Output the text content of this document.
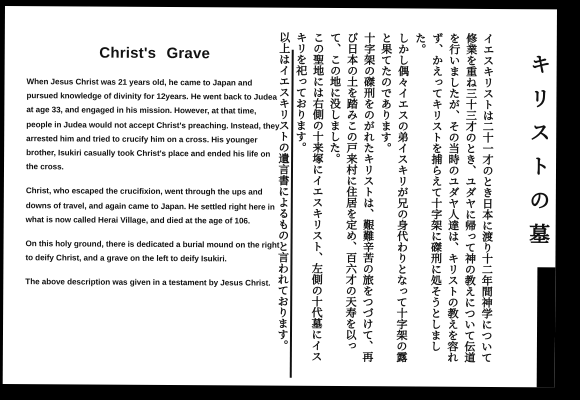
Christ's Grave

When Jesus Christ was 21 years old, he came to Japan and pursued knowledge of divinity for 12years. He went back to Judea at age 33, and engaged in his mission. However, at that time, people in Judea would not accept Christ's preaching. Instead, they arrested him and tried to crucify him on a cross. His younger brother, Isukiri casually took Christ's place and ended his life on the cross.

Christ, who escaped the crucifixion, went through the ups and downs of travel, and again came to Japan. He settled right here in what is now called Herai Village, and died at the age of 106.

On this holy ground, there is dedicated a burial mound on the right to deify Christ, and a grave on the left to deify Isukiri.

The above description was given in a testament by Jesus Christ.	イエスキリストは二十一才のとき日本に渡り十二年間神学について修業を重ね三十三才のとき、ユダヤに帰って神の教えについて伝道を行いましたが、その当時のユダヤ人達は、キリストの教えを容れず、かえってキリストを捕らえて十字架に磔刑に処そうとしました。

しかし偶々イエスの弟イスキリが兄の身代わりとなって十字架の露と果てたのであります。

十字架の磔刑をのがれたキリストは、艱難辛苦の旅をつづけて、再び日本の土を踏みこの戸来村に住居を定め、百六才の天寿を以って、この地に没しました。

この聖地には右側の十来塚にイエスキリスト、左側の十代墓にイスキリを祀っております。

以上はイエスキリストの遺言書によるものと言われております。	キリストの墓
